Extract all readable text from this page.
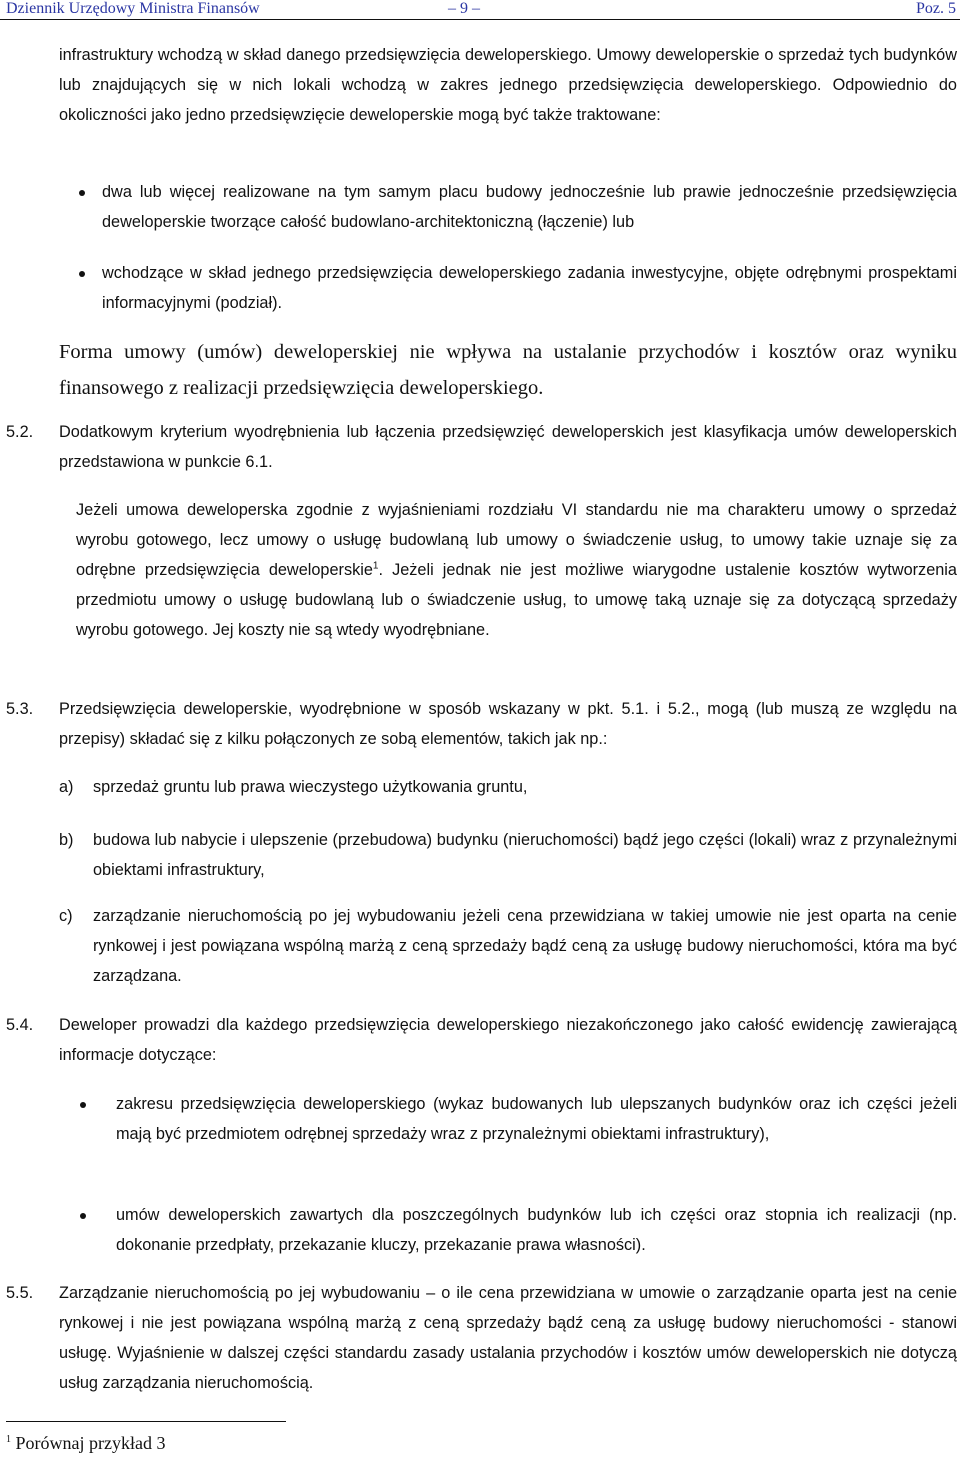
Dziennik Urzędowy Ministra Finansów	– 9 –	Poz. 5

infrastruktury wchodzą w skład danego przedsięwzięcia deweloperskiego. Umowy deweloperskie o sprzedaż tych budynków lub znajdujących się w nich lokali wchodzą w zakres jednego przedsięwzięcia deweloperskiego. Odpowiednio do okoliczności jako jedno przedsięwzięcie deweloperskie mogą być także traktowane:

dwa lub więcej realizowane na tym samym placu budowy jednocześnie lub prawie jednocześnie przedsięwzięcia deweloperskie tworzące całość budowlano-architektoniczną (łączenie) lub

wchodzące w skład jednego przedsięwzięcia deweloperskiego zadania inwestycyjne, objęte odrębnymi prospektami informacyjnymi (podział).

Forma umowy (umów) deweloperskiej nie wpływa na ustalanie przychodów i kosztów oraz wyniku finansowego z realizacji przedsięwzięcia deweloperskiego.

5.2. Dodatkowym kryterium wyodrębnienia lub łączenia przedsięwzięć deweloperskich jest klasyfikacja umów deweloperskich przedstawiona w punkcie 6.1.

Jeżeli umowa deweloperska zgodnie z wyjaśnieniami rozdziału VI standardu nie ma charakteru umowy o sprzedaż wyrobu gotowego, lecz umowy o usługę budowlaną lub umowy o świadczenie usług, to umowy takie uznaje się za odrębne przedsięwzięcia deweloperskie$^1$. Jeżeli jednak nie jest możliwe wiarygodne ustalenie kosztów wytworzenia przedmiotu umowy o usługę budowlaną lub o świadczenie usług, to umowę taką uznaje się za dotyczącą sprzedaży wyrobu gotowego. Jej koszty nie są wtedy wyodrębniane.

5.3. Przedsięwzięcia deweloperskie, wyodrębnione w sposób wskazany w pkt. 5.1. i 5.2., mogą (lub muszą ze względu na przepisy) składać się z kilku połączonych ze sobą elementów, takich jak np.:

a) sprzedaż gruntu lub prawa wieczystego użytkowania gruntu,

b) budowa lub nabycie i ulepszenie (przebudowa) budynku (nieruchomości) bądź jego części (lokali) wraz z przynależnymi obiektami infrastruktury,

c) zarządzanie nieruchomością po jej wybudowaniu jeżeli cena przewidziana w takiej umowie nie jest oparta na cenie rynkowej i jest powiązana wspólną marżą z ceną sprzedaży bądź ceną za usługę budowy nieruchomości, która ma być zarządzana.

5.4. Deweloper prowadzi dla każdego przedsięwzięcia deweloperskiego niezakończonego jako całość ewidencję zawierającą informacje dotyczące:

zakresu przedsięwzięcia deweloperskiego (wykaz budowanych lub ulepszanych budynków oraz ich części jeżeli mają być przedmiotem odrębnej sprzedaży wraz z przynależnymi obiektami infrastruktury),

umów deweloperskich zawartych dla poszczególnych budynków lub ich części oraz stopnia ich realizacji (np. dokonanie przedpłaty, przekazanie kluczy, przekazanie prawa własności).

5.5. Zarządzanie nieruchomością po jej wybudowaniu – o ile cena przewidziana w umowie o zarządzanie oparta jest na cenie rynkowej i nie jest powiązana wspólną marżą z ceną sprzedaży bądź ceną za usługę budowy nieruchomości - stanowi usługę. Wyjaśnienie w dalszej części standardu zasady ustalania przychodów i kosztów umów deweloperskich nie dotyczą usług zarządzania nieruchomością.

$^1$ Porównaj przykład 3
